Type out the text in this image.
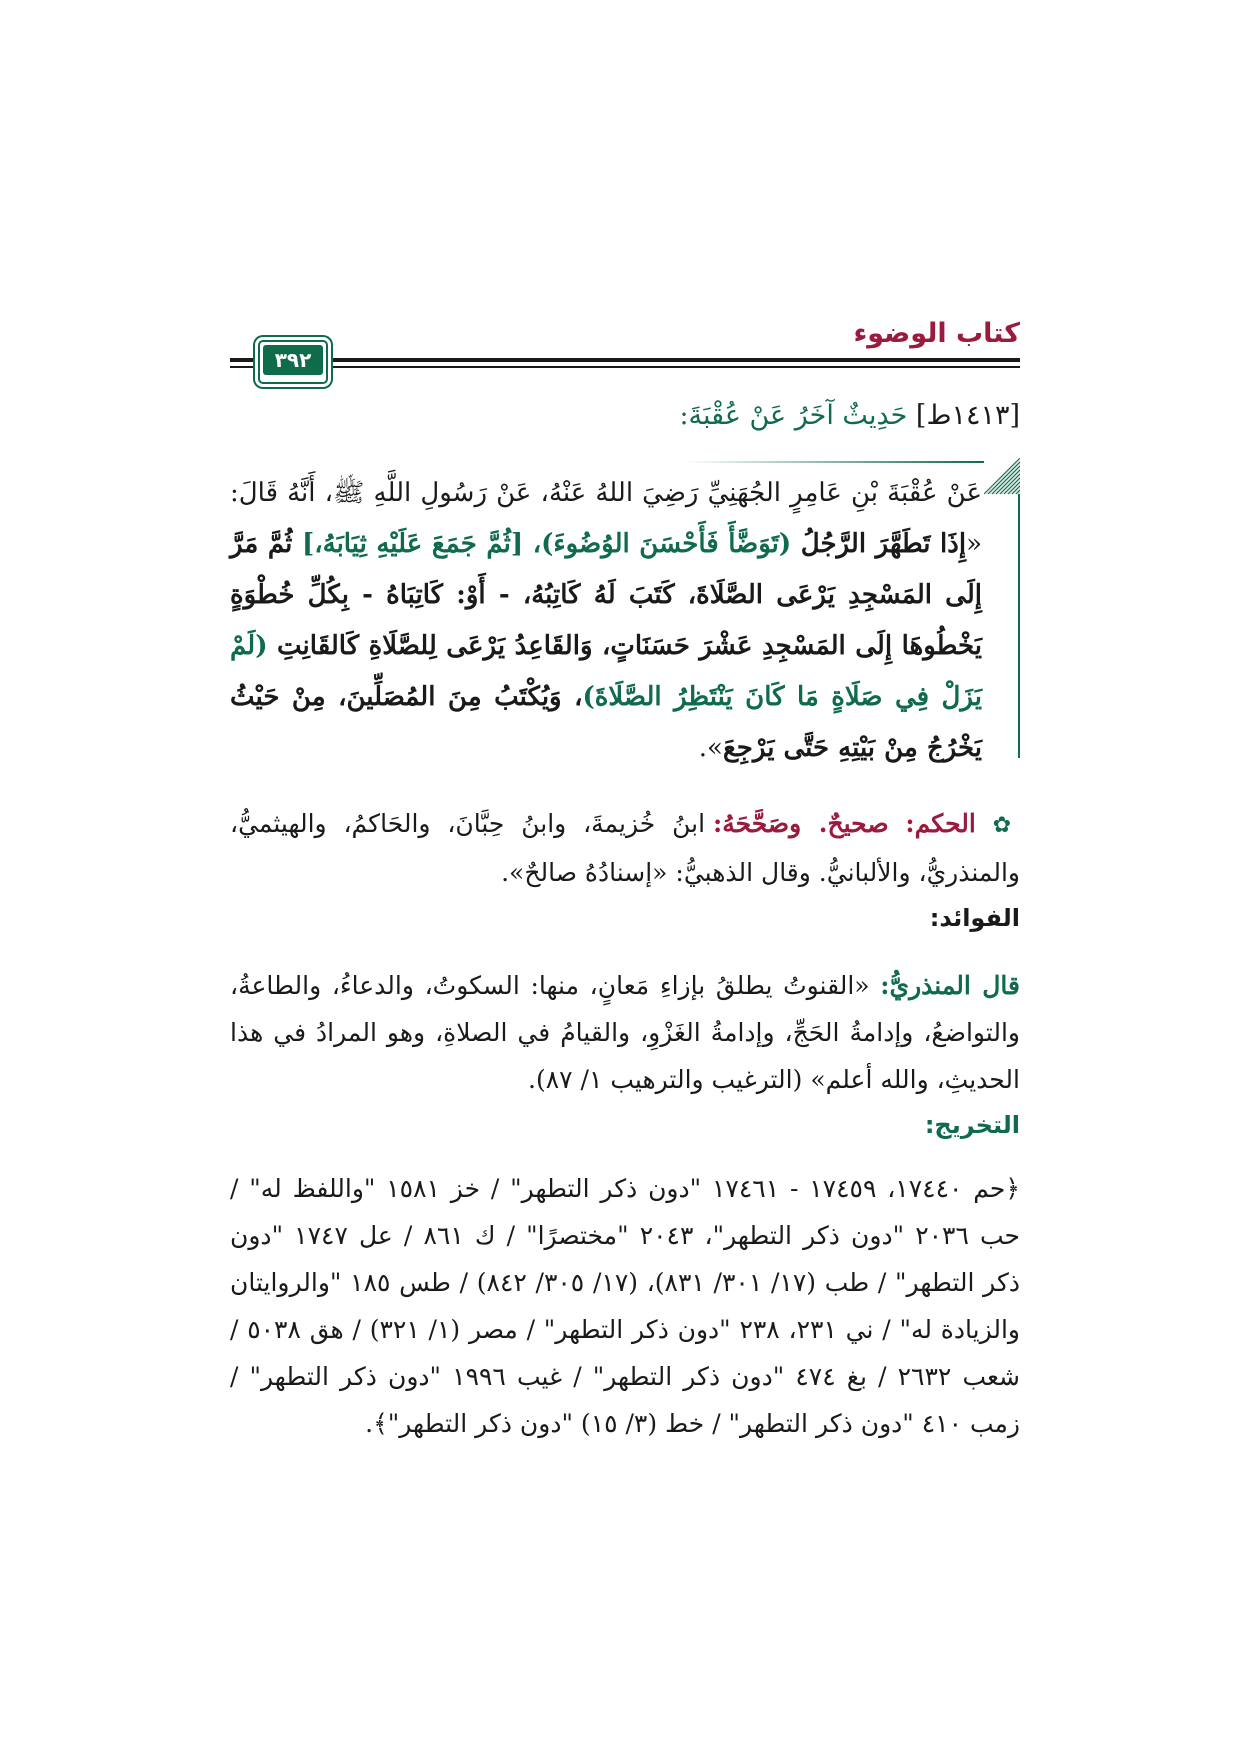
كتاب الوضوء
٣٩٢
[١٤١٣ط] حَدِيثٌ آخَرُ عَنْ عُقْبَةَ:

عَنْ عُقْبَةَ بْنِ عَامِرٍ الجُهَنِيِّ رَضِيَ اللهُ عَنْهُ، عَنْ رَسُولِ اللَّهِ ﷺ، أَنَّهُ قَالَ: «إِذَا تَطَهَّرَ الرَّجُلُ (تَوَضَّأَ فَأَحْسَنَ الوُضُوءَ)، [ثُمَّ جَمَعَ عَلَيْهِ ثِيَابَهُ،] ثُمَّ مَرَّ إِلَى المَسْجِدِ يَرْعَى الصَّلَاةَ، كَتَبَ لَهُ كَاتِبُهُ، - أَوْ: كَاتِبَاهُ - بِكُلِّ خُطْوَةٍ يَخْطُوهَا إِلَى المَسْجِدِ عَشْرَ حَسَنَاتٍ، وَالقَاعِدُ يَرْعَى لِلصَّلَاةِ كَالقَانِتِ (لَمْ يَزَلْ فِي صَلَاةٍ مَا كَانَ يَنْتَظِرُ الصَّلَاةَ)، وَيُكْتَبُ مِنَ المُصَلِّينَ، مِنْ حَيْثُ يَخْرُجُ مِنْ بَيْتِهِ حَتَّى يَرْجِعَ».

✿ الحكم: صحيحٌ. وصَحَّحَهُ: ابنُ خُزيمةَ، وابنُ حِبَّانَ، والحَاكمُ، والهيثميُّ، والمنذريُّ، والألبانيُّ. وقال الذهبيُّ: «إسنادُهُ صالحٌ».

الفوائد:

قال المنذريُّ: «القنوتُ يطلقُ بإزاءِ مَعانٍ، منها: السكوتُ، والدعاءُ، والطاعةُ، والتواضعُ، وإدامةُ الحَجِّ، وإدامةُ الغَزْوِ، والقيامُ في الصلاةِ، وهو المرادُ في هذا الحديثِ، والله أعلم» (الترغيب والترهيب ١/ ٨٧).

التخريج:

﴿حم ١٧٤٤٠، ١٧٤٥٩ - ١٧٤٦١ "دون ذكر التطهر" / خز ١٥٨١ "واللفظ له" / حب ٢٠٣٦ "دون ذكر التطهر"، ٢٠٤٣ "مختصرًا" / ك ٨٦١ / عل ١٧٤٧ "دون ذكر التطهر" / طب (١٧/ ٣٠١/ ٨٣١)، (١٧/ ٣٠٥/ ٨٤٢) / طس ١٨٥ "والروايتان والزيادة له" / ني ٢٣١، ٢٣٨ "دون ذكر التطهر" / مصر (١/ ٣٢١) / هق ٥٠٣٨ / شعب ٢٦٣٢ / بغ ٤٧٤ "دون ذكر التطهر" / غيب ١٩٩٦ "دون ذكر التطهر" / زمب ٤١٠ "دون ذكر التطهر" / خط (٣/ ١٥) "دون ذكر التطهر"﴾.
